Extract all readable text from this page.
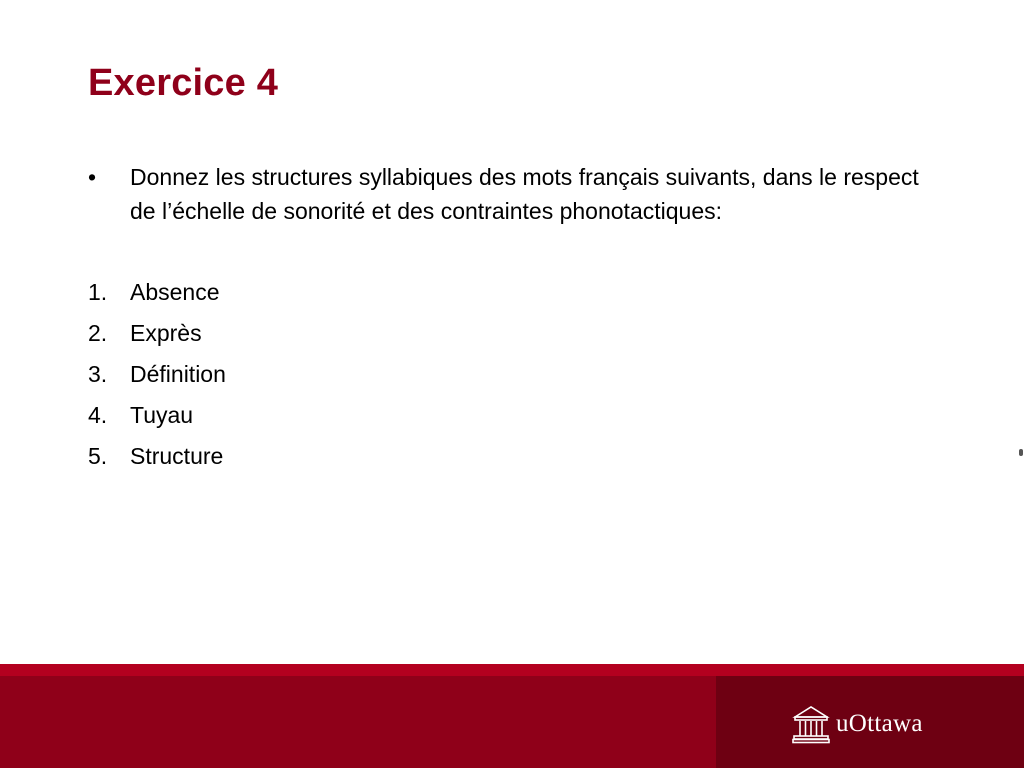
Exercice 4
•	Donnez les structures syllabiques des mots français suivants, dans le respect de l’échelle de sonorité et des contraintes phonotactiques:
1. Absence
2. Exprès
3. Définition
4. Tuyau
5. Structure
uOttawa
